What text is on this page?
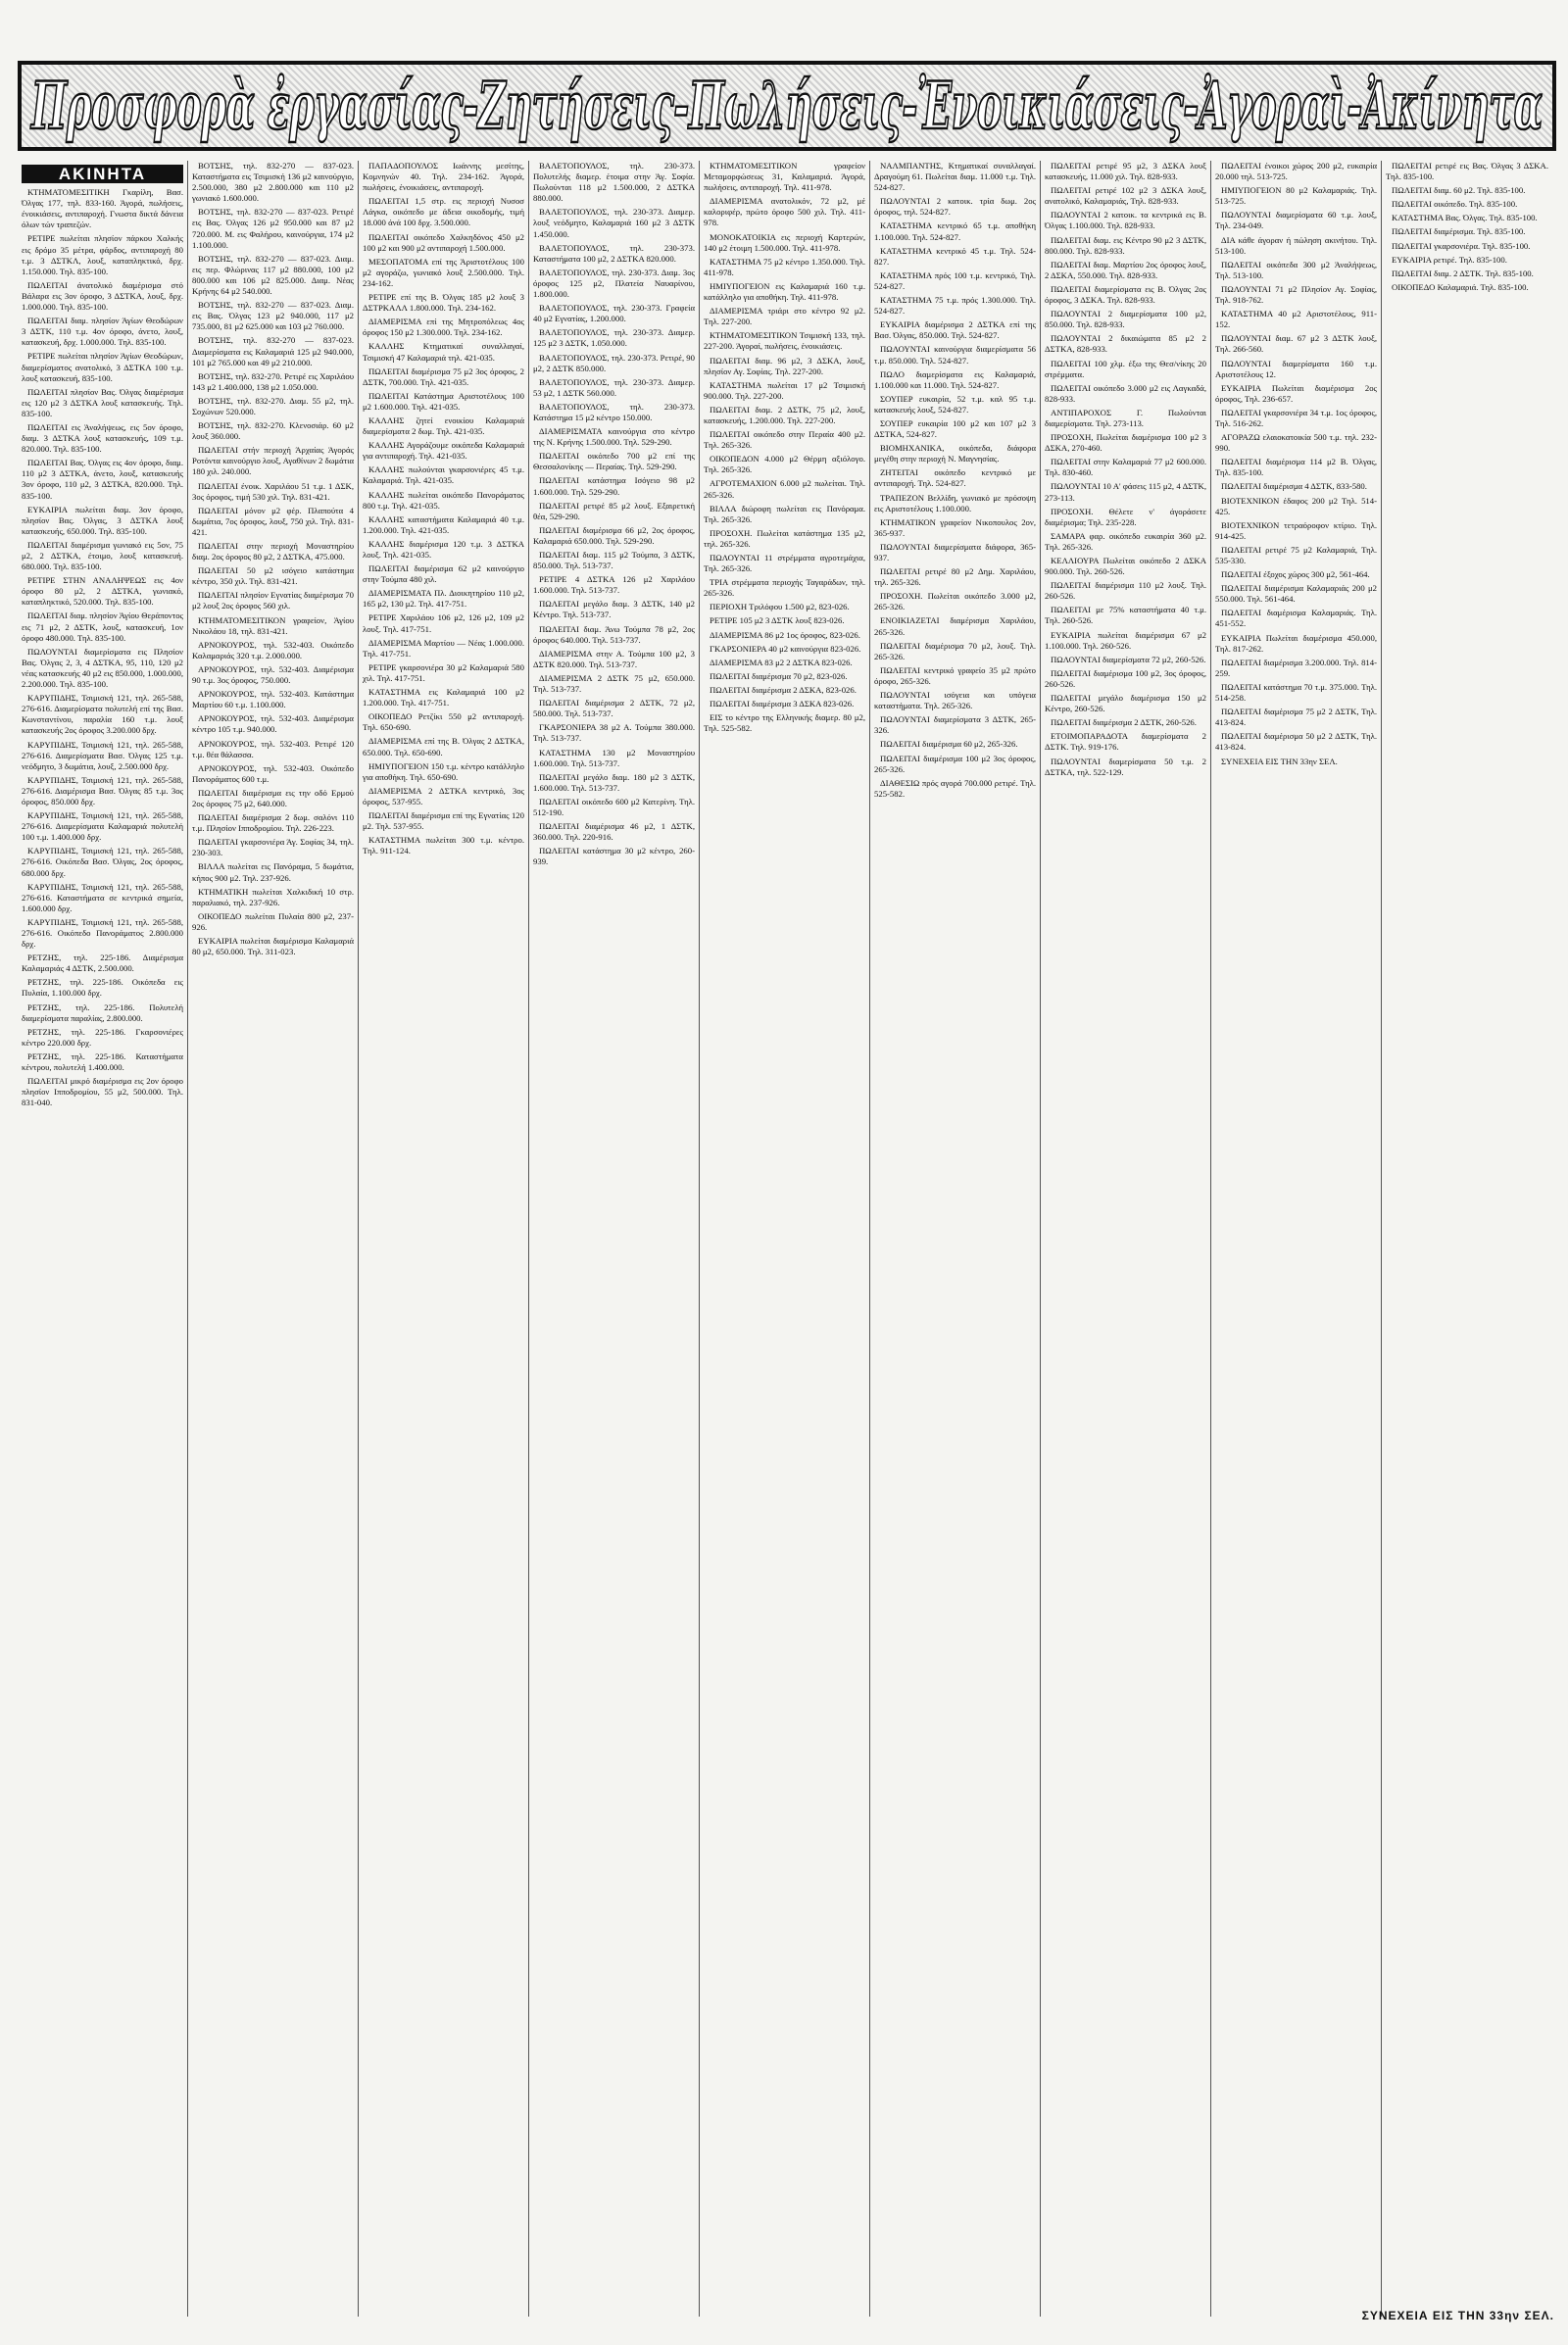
Προσφορὰ ἐργασίας-Ζητήσεις-Πωλήσεις-Ἐνοικιάσεις-Ἀγοραὶ-Ἀκίνητα
ΑΚΙΝΗΤΑ

ΚΤΗΜΑΤΟΜΕΣΙΤΙΚΗ Γκαρίλη, Βασ. Όλγας 177, τηλ. 833-160. Άγορά, πωλήσεις, ένοικιάσεις, αντιπαροχή. Γνωστα δικτά δάνεια όλων τών τραπεζών.

ΡΕΤΙΡΕ πωλείται πλησίον πάρκου Χαλκής εις δρόμο 35 μέτρα, φάρδος, αντιπαροχή 80 τ.μ. 3 ΔΣΤΚΛ, λουξ, καταπληκτικό, δρχ. 1.150.000. Τηλ. 835-100.

ΠΩΛΕΙΤΑΙ άνατολικό διαμέρισμα στό Βάλαρα εις 3ον όροφο, 3 ΔΣΤΚΑ, λουξ, δρχ. 1.000.000. Τηλ. 835-100.

ΠΩΛΕΙΤΑΙ διαμ. πλησίον Άγίων Θεοδώρων 3 ΔΣΤΚ, 110 τ.μ. 4ον όροφο, άνετο, λουξ, κατασκευή, δρχ. 1.000.000. Τηλ. 835-100.

ΡΕΤΙΡΕ πωλείται πλησίον Άγίων Θεοδώρων, διαμερίσματος ανατολικό, 3 ΔΣΤΚΑ 100 τ.μ. λουξ κατασκευή, 835-100.

ΠΩΛΕΙΤΑΙ πλησίον Βας. Όλγας διαμέρισμα εις 120 μ2 3 ΔΣΤΚΑ λουξ κατασκευής. Τηλ. 835-100.

ΠΩΛΕΙΤΑΙ εις Άναλήψεως, εις 5ον όροφο, διαμ. 3 ΔΣΤΚΑ λουξ κατασκευής, 109 τ.μ. 820.000. Τηλ. 835-100.

ΠΩΛΕΙΤΑΙ Βας. Όλγας εις 4ον όροφο, διαμ. 110 μ2 3 ΔΣΤΚΑ, άνετο, λουξ, κατασκευής 3ον όροφο, 110 μ2, 3 ΔΣΤΚΑ, 820.000. Τηλ. 835-100.

ΕΥΚΑΙΡΙΑ πωλείται διαμ. 3ον όροφο, πλησίον Βας. Όλγας, 3 ΔΣΤΚΑ λουξ κατασκευής, 650.000. Τηλ. 835-100.

ΠΩΛΕΙΤΑΙ διαμέρισμα γωνιακό εις 5ον, 75 μ2, 2 ΔΣΤΚΑ, έτοιμο, λουξ κατασκευή. 680.000. Τηλ. 835-100.

ΡΕΤΙΡΕ ΣΤΗΝ ΑΝΑΛΗΨΕΩΣ εις 4ον όροφο 80 μ2, 2 ΔΣΤΚΑ, γωνιακό, καταπληκτικό, 520.000. Τηλ. 835-100.

ΠΩΛΕΙΤΑΙ διαμ. πλησίον Άγίου Θεράποντος εις 71 μ2, 2 ΔΣΤΚ, λουξ, κατασκευή, 1ον όροφο 480.000. Τηλ. 835-100.

ΠΩΛΟΥΝΤΑΙ διαμερίσματα εις Πλησίον Βας. Όλγας 2, 3, 4 ΔΣΤΚΑ, 95, 110, 120 μ2 νέας κατασκευής 40 μ2 εις 850.000, 1.000.000, 2.200.000. Τηλ. 835-100.

ΚΑΡΥΠΙΔΗΣ, Τσιμισκή 121, τηλ. 265-588, 276-616. Διαμερίσματα πολυτελή επί της Βασ. Κωνσταντίνου, παραλία 160 τ.μ. λουξ κατασκευής 2ος όροφος 3.200.000 δρχ.

ΚΑΡΥΠΙΔΗΣ, Τσιμισκή 121, τηλ. 265-588, 276-616. Διαμερίσματα Βασ. Όλγας 125 τ.μ. νεόδμητο, 3 δωμάτια, λουξ, 2.500.000 δρχ.

ΚΑΡΥΠΙΔΗΣ, Τσιμισκή 121, τηλ. 265-588, 276-616. Διαμέρισμα Βασ. Όλγας 85 τ.μ. 3ος όροφος, 850.000 δρχ.

ΚΑΡΥΠΙΔΗΣ, Τσιμισκή 121, τηλ. 265-588, 276-616. Διαμερίσματα Καλαμαριά πολυτελή 100 τ.μ. 1.400.000 δρχ.

ΚΑΡΥΠΙΔΗΣ, Τσιμισκή 121, τηλ. 265-588, 276-616. Οικόπεδα Βασ. Όλγας, 2ος όροφος, 680.000 δρχ.

ΚΑΡΥΠΙΔΗΣ, Τσιμισκή 121, τηλ. 265-588, 276-616. Καταστήματα σε κεντρικά σημεία, 1.600.000 δρχ.

ΚΑΡΥΠΙΔΗΣ, Τσιμισκή 121, τηλ. 265-588, 276-616. Οικόπεδο Πανοράματος 2.800.000 δρχ.

ΡΕΤΖΗΣ, τηλ. 225-186. Διαμέρισμα Καλαμαριάς 4 ΔΣΤΚ, 2.500.000.

ΡΕΤΖΗΣ, τηλ. 225-186. Οικόπεδα εις Πυλαία, 1.100.000 δρχ.

ΡΕΤΖΗΣ, τηλ. 225-186. Πολυτελή διαμερίσματα παραλίας, 2.800.000.

ΡΕΤΖΗΣ, τηλ. 225-186. Γκαρσονιέρες κέντρο 220.000 δρχ.

ΡΕΤΖΗΣ, τηλ. 225-186. Καταστήματα κέντρου, πολυτελή 1.400.000.

ΠΩΛΕΙΤΑΙ μικρό διαμέρισμα εις 2ον όροφο πλησίον Ιπποδρομίου, 55 μ2, 500.000. Τηλ. 831-040.

ΒΟΤΣΗΣ, τηλ. 832-270 — 837-023. Καταστήματα εις Τσιμισκή 136 μ2 καινούργιο, 2.500.000, 380 μ2 2.800.000 και 110 μ2 γωνιακό 1.600.000.

ΒΟΤΣΗΣ, τηλ. 832-270 — 837-023. Ρετιρέ εις Βας. Όλγας 126 μ2 950.000 και 87 μ2 720.000. Μ. εις Φαλήρου, καινούργια, 174 μ2 1.100.000.

ΒΟΤΣΗΣ, τηλ. 832-270 — 837-023. Διαμ. εις περ. Φλώρινας 117 μ2 880.000, 100 μ2 800.000 και 106 μ2 825.000. Διαμ. Νέας Κρήνης 64 μ2 540.000.

ΒΟΤΣΗΣ, τηλ. 832-270 — 837-023. Διαμ. εις Βας. Όλγας 123 μ2 940.000, 117 μ2 735.000, 81 μ2 625.000 και 103 μ2 760.000.

ΒΟΤΣΗΣ, τηλ. 832-270 — 837-023. Διαμερίσματα εις Καλαμαριά 125 μ2 940.000, 101 μ2 765.000 και 49 μ2 210.000.

ΒΟΤΣΗΣ, τηλ. 832-270. Ρετιρέ εις Χαριλάου 143 μ2 1.400.000, 138 μ2 1.050.000.

ΒΟΤΣΗΣ, τηλ. 832-270. Διαμ. 55 μ2, τηλ. Σοχώνων 520.000.

ΒΟΤΣΗΣ, τηλ. 832-270. Κλενοσιάρ. 60 μ2 λουξ 360.000.

ΠΩΛΕΙΤΑΙ στήν περιοχή Άρχαίας Άγοράς Ροτόντα καινούργιο λουξ, Αγαθίνων 2 δωμάτια 180 χιλ. 240.000.

ΠΩΛΕΙΤΑΙ ένοικ. Χαριλάου 51 τ.μ. 1 ΔΣΚ, 3ος όροφος, τιμή 530 χιλ. Τηλ. 831-421.

ΠΩΛΕΙΤΑΙ μόνον μ2 φέρ. Πλαπούτα 4 δωμάτια, 7ος όροφος, λουξ, 750 χιλ. Τηλ. 831-421.

ΠΩΛΕΙΤΑΙ στην περιοχή Μοναστηρίου διαμ. 2ος όροφος 80 μ2, 2 ΔΣΤΚΑ, 475.000.

ΠΩΛΕΙΤΑΙ 50 μ2 ισόγειο κατάστημα κέντρο, 350 χιλ. Τηλ. 831-421.

ΠΩΛΕΙΤΑΙ πλησίον Εγνατίας διαμέρισμα 70 μ2 λουξ 2ος όροφος 560 χιλ.

ΚΤΗΜΑΤΟΜΕΣΙΤΙΚΟΝ γραφείον, Άγίου Νικολάου 18, τηλ. 831-421.

ΑΡΝΟΚΟΥΡΟΣ, τηλ. 532-403. Οικόπεδο Καλαμαριάς 320 τ.μ. 2.000.000.

ΑΡΝΟΚΟΥΡΟΣ, τηλ. 532-403. Διαμέρισμα 90 τ.μ. 3ος όροφος, 750.000.

ΑΡΝΟΚΟΥΡΟΣ, τηλ. 532-403. Κατάστημα Μαρτίου 60 τ.μ. 1.100.000.

ΑΡΝΟΚΟΥΡΟΣ, τηλ. 532-403. Διαμέρισμα κέντρο 105 τ.μ. 940.000.

ΑΡΝΟΚΟΥΡΟΣ, τηλ. 532-403. Ρετιρέ 120 τ.μ. θέα θάλασσα.

ΑΡΝΟΚΟΥΡΟΣ, τηλ. 532-403. Οικόπεδο Πανοράματος 600 τ.μ.

ΠΩΛΕΙΤΑΙ διαμέρισμα εις την οδό Ερμού 2ος όροφος 75 μ2, 640.000.

ΠΩΛΕΙΤΑΙ διαμέρισμα 2 δωμ. σαλόνι 110 τ.μ. Πλησίον Ιπποδρομίου. Τηλ. 226-223.

ΠΩΛΕΙΤΑΙ γκαρσονιέρα Άγ. Σοφίας 34, τηλ. 230-303.

ΒΙΛΛΑ πωλείται εις Πανόραμα, 5 δωμάτια, κήπος 900 μ2. Τηλ. 237-926.

ΚΤΗΜΑΤΙΚΗ πωλείται Χαλκιδική 10 στρ. παραλιακό, τηλ. 237-926.

ΟΙΚΟΠΕΔΟ πωλείται Πυλαία 800 μ2, 237-926.

ΕΥΚΑΙΡΙΑ πωλείται διαμέρισμα Καλαμαριά 80 μ2, 650.000. Τηλ. 311-023.

ΠΑΠΑΔΟΠΟΥΛΟΣ Ιωάννης μεσίτης, Κομνηνών 40. Τηλ. 234-162. Άγορά, πωλήσεις, ένοικιάσεις, αντιπαροχή.

ΠΩΛΕΙΤΑΙ 1,5 στρ. εις περιοχή Νυσοσ Λάγκα, οικόπεδο με άδεια οικοδομής, τιμή 18.000 άνά 100 δρχ. 3.500.000.

ΠΩΛΕΙΤΑΙ οικόπεδο Χαλκηδόνος 450 μ2 100 μ2 και 900 μ2 αντιπαροχή 1.500.000.

ΜΕΣΟΠΑΤΟΜΑ επί της Άριστοτέλους 100 μ2 αγοράζω, γωνιακό λουξ 2.500.000. Τηλ. 234-162.

ΡΕΤΙΡΕ επί της Β. Όλγας 185 μ2 λουξ 3 ΔΣΤΡΚΑΛΛ 1.800.000. Τηλ. 234-162.

ΔΙΑΜΕΡΙΣΜΑ επί της Μητροπόλεως 4ος όροφος 150 μ2 1.300.000. Τηλ. 234-162.

ΚΑΛΛΗΣ Κτηματικαί συναλλαγαί, Τσιμισκή 47 Καλαμαριά τηλ. 421-035.

ΠΩΛΕΙΤΑΙ διαμέρισμα 75 μ2 3ος όροφος, 2 ΔΣΤΚ, 700.000. Τηλ. 421-035.

ΠΩΛΕΙΤΑΙ Κατάστημα Αριστοτέλους 100 μ2 1.600.000. Τηλ. 421-035.

ΚΑΛΛΗΣ ζητεί ενοικίου Καλαμαριά διαμερίσματα 2 δωμ. Τηλ. 421-035.

ΚΑΛΛΗΣ Αγοράζουμε οικόπεδα Καλαμαριά για αντιπαροχή. Τηλ. 421-035.

ΚΑΛΛΗΣ πωλούνται γκαρσονιέρες 45 τ.μ. Καλαμαριά. Τηλ. 421-035.

ΚΑΛΛΗΣ πωλείται οικόπεδο Πανοράματος 800 τ.μ. Τηλ. 421-035.

ΚΑΛΛΗΣ καταστήματα Καλαμαριά 40 τ.μ. 1.200.000. Τηλ. 421-035.

ΚΑΛΛΗΣ διαμέρισμα 120 τ.μ. 3 ΔΣΤΚΑ λουξ. Τηλ. 421-035.

ΠΩΛΕΙΤΑΙ διαμέρισμα 62 μ2 καινούργιο στην Τούμπα 480 χιλ.

ΔΙΑΜΕΡΙΣΜΑΤΑ Πλ. Διοικητηρίου 110 μ2, 165 μ2, 130 μ2. Τηλ. 417-751.

ΡΕΤΙΡΕ Χαριλάου 106 μ2, 126 μ2, 109 μ2 λουξ. Τηλ. 417-751.

ΔΙΑΜΕΡΙΣΜΑ Μαρτίου — Νέας 1.000.000. Τηλ. 417-751.

ΡΕΤΙΡΕ γκαρσονιέρα 30 μ2 Καλαμαριά 580 χιλ. Τηλ. 417-751.

ΚΑΤΑΣΤΗΜΑ εις Καλαμαριά 100 μ2 1.200.000. Τηλ. 417-751.

ΟΙΚΟΠΕΔΟ Ρετζίκι 550 μ2 αντιπαροχή. Τηλ. 650-690.

ΔΙΑΜΕΡΙΣΜΑ επί της Β. Όλγας 2 ΔΣΤΚΑ, 650.000. Τηλ. 650-690.

ΗΜΙΥΠΟΓΕΙΟΝ 150 τ.μ. κέντρο κατάλληλο για αποθήκη. Τηλ. 650-690.

ΔΙΑΜΕΡΙΣΜΑ 2 ΔΣΤΚΑ κεντρικό, 3ος όροφος, 537-955.

ΠΩΛΕΙΤΑΙ διαμέρισμα επί της Εγνατίας 120 μ2. Τηλ. 537-955.

ΚΑΤΑΣΤΗΜΑ πωλείται 300 τ.μ. κέντρο. Τηλ. 911-124.

ΒΑΛΕΤΟΠΟΥΛΟΣ, τηλ. 230-373. Πολυτελής διαμερ. έτοιμα στην Άγ. Σοφία. Πωλούνται 118 μ2 1.500.000, 2 ΔΣΤΚΑ 880.000.

ΒΑΛΕΤΟΠΟΥΛΟΣ, τηλ. 230-373. Διαμερ. λουξ νεόδμητο, Καλαμαριά 160 μ2 3 ΔΣΤΚ 1.450.000.

ΒΑΛΕΤΟΠΟΥΛΟΣ, τηλ. 230-373. Καταστήματα 100 μ2, 2 ΔΣΤΚΑ 820.000.

ΒΑΛΕΤΟΠΟΥΛΟΣ, τηλ. 230-373. Διαμ. 3ος όροφος 125 μ2, Πλατεία Ναυαρίνου, 1.800.000.

ΒΑΛΕΤΟΠΟΥΛΟΣ, τηλ. 230-373. Γραφεία 40 μ2 Εγνατίας, 1.200.000.

ΒΑΛΕΤΟΠΟΥΛΟΣ, τηλ. 230-373. Διαμερ. 125 μ2 3 ΔΣΤΚ, 1.050.000.

ΒΑΛΕΤΟΠΟΥΛΟΣ, τηλ. 230-373. Ρετιρέ, 90 μ2, 2 ΔΣΤΚ 850.000.

ΒΑΛΕΤΟΠΟΥΛΟΣ, τηλ. 230-373. Διαμερ. 53 μ2, 1 ΔΣΤΚ 560.000.

ΒΑΛΕΤΟΠΟΥΛΟΣ, τηλ. 230-373. Κατάστημα 15 μ2 κέντρο 150.000.

ΔΙΑΜΕΡΙΣΜΑΤΑ καινούργια στο κέντρο της Ν. Κρήνης 1.500.000. Τηλ. 529-290.

ΠΩΛΕΙΤΑΙ οικόπεδο 700 μ2 επί της Θεσσαλονίκης — Περαίας. Τηλ. 529-290.

ΠΩΛΕΙΤΑΙ κατάστημα Ισόγειο 98 μ2 1.600.000. Τηλ. 529-290.

ΠΩΛΕΙΤΑΙ ρετιρέ 85 μ2 λουξ. Εξαιρετική θέα, 529-290.

ΠΩΛΕΙΤΑΙ διαμέρισμα 66 μ2, 2ος όροφος, Καλαμαριά 650.000. Τηλ. 529-290.

ΠΩΛΕΙΤΑΙ διαμ. 115 μ2 Τούμπα, 3 ΔΣΤΚ, 850.000. Τηλ. 513-737.

ΡΕΤΙΡΕ 4 ΔΣΤΚΑ 126 μ2 Χαριλάου 1.600.000. Τηλ. 513-737.

ΠΩΛΕΙΤΑΙ μεγάλο διαμ. 3 ΔΣΤΚ, 140 μ2 Κέντρο. Τηλ. 513-737.

ΠΩΛΕΙΤΑΙ διαμ. Άνω Τούμπα 78 μ2, 2ος όροφος 640.000. Τηλ. 513-737.

ΔΙΑΜΕΡΙΣΜΑ στην Α. Τούμπα 100 μ2, 3 ΔΣΤΚ 820.000. Τηλ. 513-737.

ΔΙΑΜΕΡΙΣΜΑ 2 ΔΣΤΚ 75 μ2, 650.000. Τηλ. 513-737.

ΠΩΛΕΙΤΑΙ διαμέρισμα 2 ΔΣΤΚ, 72 μ2, 580.000. Τηλ. 513-737.

ΓΚΑΡΣΟΝΙΕΡΑ 38 μ2 Α. Τούμπα 380.000. Τηλ. 513-737.

ΚΑΤΑΣΤΗΜΑ 130 μ2 Μοναστηρίου 1.600.000. Τηλ. 513-737.

ΠΩΛΕΙΤΑΙ μεγάλο διαμ. 180 μ2 3 ΔΣΤΚ, 1.600.000. Τηλ. 513-737.

ΠΩΛΕΙΤΑΙ οικόπεδο 600 μ2 Κατερίνη. Τηλ. 512-190.

ΠΩΛΕΙΤΑΙ διαμέρισμα 46 μ2, 1 ΔΣΤΚ, 360.000. Τηλ. 220-916.

ΠΩΛΕΙΤΑΙ κατάστημα 30 μ2 κέντρο, 260-939.

ΚΤΗΜΑΤΟΜΕΣΙΤΙΚΟΝ γραφείον Μεταμορφώσεως 31, Καλαμαριά. Άγορά, πωλήσεις, αντιπαροχή. Τηλ. 411-978.

ΔΙΑΜΕΡΙΣΜΑ ανατολικόν, 72 μ2, μέ καλοριφέρ, πρώτο όροφο 500 χιλ. Τηλ. 411-978.

ΜΟΝΟΚΑΤΟΙΚΙΑ εις περιοχή Καρτερών, 140 μ2 έτοιμη 1.500.000. Τηλ. 411-978.

ΚΑΤΑΣΤΗΜΑ 75 μ2 κέντρο 1.350.000. Τηλ. 411-978.

ΗΜΙΥΠΟΓΕΙΟΝ εις Καλαμαριά 160 τ.μ. κατάλληλο για αποθήκη. Τηλ. 411-978.

ΔΙΑΜΕΡΙΣΜΑ τριάρι στο κέντρο 92 μ2. Τηλ. 227-200.

ΚΤΗΜΑΤΟΜΕΣΙΤΙΚΟΝ Τσιμισκή 133, τηλ. 227-200. Άγοραί, πωλήσεις, ένοικιάσεις.

ΠΩΛΕΙΤΑΙ διαμ. 96 μ2, 3 ΔΣΚΑ, λουξ, πλησίον Αγ. Σοφίας. Τηλ. 227-200.

ΚΑΤΑΣΤΗΜΑ πωλείται 17 μ2 Τσιμισκή 900.000. Τηλ. 227-200.

ΠΩΛΕΙΤΑΙ διαμ. 2 ΔΣΤΚ, 75 μ2, λουξ, κατασκευής, 1.200.000. Τηλ. 227-200.

ΠΩΛΕΙΤΑΙ οικόπεδο στην Περαία 400 μ2. Τηλ. 265-326.

ΟΙΚΟΠΕΔΟΝ 4.000 μ2 Θέρμη αξιόλογο. Τηλ. 265-326.

ΑΓΡΟΤΕΜΑΧΙΟΝ 6.000 μ2 πωλείται. Τηλ. 265-326.

ΒΙΛΛΑ διώροφη πωλείται εις Πανόραμα. Τηλ. 265-326.

ΠΡΟΣΟΧΗ. Πωλείται κατάστημα 135 μ2, τηλ. 265-326.

ΠΩΛΟΥΝΤΑΙ 11 στρέμματα αγροτεμάχια, Τηλ. 265-326.

ΤΡΙΑ στρέμματα περιοχής Ταγαράδων, τηλ. 265-326.

ΠΕΡΙΟΧΗ Τριλόφου 1.500 μ2, 823-026.

ΡΕΤΙΡΕ 105 μ2 3 ΔΣΤΚ λουξ 823-026.

ΔΙΑΜΕΡΙΣΜΑ 86 μ2 1ος όροφος, 823-026.

ΓΚΑΡΣΟΝΙΕΡΑ 40 μ2 καινούργια 823-026.

ΔΙΑΜΕΡΙΣΜΑ 83 μ2 2 ΔΣΤΚΑ 823-026.

ΠΩΛΕΙΤΑΙ διαμέρισμα 70 μ2, 823-026.

ΠΩΛΕΙΤΑΙ διαμέρισμα 2 ΔΣΚΑ, 823-026.

ΠΩΛΕΙΤΑΙ διαμέρισμα 3 ΔΣΚΑ 823-026.

ΕΙΣ το κέντρο της Ελληνικής διαμερ. 80 μ2, Τηλ. 525-582.

ΝΑΛΜΠΑΝΤΗΣ, Κτηματικαί συναλλαγαί. Δραγούμη 61. Πωλείται διαμ. 11.000 τ.μ. Τηλ. 524-827.

ΠΩΛΟΥΝΤΑΙ 2 κατοικ. τρία δωμ. 2ος όροφος, τηλ. 524-827.

ΚΑΤΑΣΤΗΜΑ κεντρικό 65 τ.μ. αποθήκη 1.100.000. Τηλ. 524-827.

ΚΑΤΑΣΤΗΜΑ κεντρικό 45 τ.μ. Τηλ. 524-827.

ΚΑΤΑΣΤΗΜΑ πρός 100 τ.μ. κεντρικό, Τηλ. 524-827.

ΚΑΤΑΣΤΗΜΑ 75 τ.μ. πρός 1.300.000. Τηλ. 524-827.

ΕΥΚΑΙΡΙΑ διαμέρισμα 2 ΔΣΤΚΑ επί της Βασ. Όλγας, 850.000. Τηλ. 524-827.

ΠΩΛΟΥΝΤΑΙ καινούργια διαμερίσματα 56 τ.μ. 850.000. Τηλ. 524-827.

ΠΩΛΟ διαμερίσματα εις Καλαμαριά, 1.100.000 και 11.000. Τηλ. 524-827.

ΣΟΥΠΕΡ ευκαιρία, 52 τ.μ. καλ 95 τ.μ. κατασκευής λουξ, 524-827.

ΣΟΥΠΕΡ ευκαιρία 100 μ2 και 107 μ2 3 ΔΣΤΚΑ, 524-827.

ΒΙΟΜΗΧΑΝΙΚΑ, οικόπεδα, διάφορα μεγέθη στην περιοχή Ν. Μαγνησίας.

ΖΗΤΕΙΤΑΙ οικόπεδο κεντρικό με αντιπαροχή. Τηλ. 524-827.

ΤΡΑΠΕΖΟΝ Βελλίδη, γωνιακό με πρόσοψη εις Αριστοτέλους 1.100.000.

ΚΤΗΜΑΤΙΚΟΝ γραφείον Νικοπουλος 2ον, 365-937.

ΠΩΛΟΥΝΤΑΙ διαμερίσματα διάφορα, 365-937.

ΠΩΛΕΙΤΑΙ ρετιρέ 80 μ2 Δημ. Χαριλάου, τηλ. 265-326.

ΠΡΟΣΟΧΗ. Πωλείται οικόπεδο 3.000 μ2, 265-326.

ΕΝΟΙΚΙΑΖΕΤΑΙ διαμέρισμα Χαριλάου, 265-326.

ΠΩΛΕΙΤΑΙ διαμέρισμα 70 μ2, λουξ. Τηλ. 265-326.

ΠΩΛΕΙΤΑΙ κεντρικό γραφείο 35 μ2 πρώτο όροφο, 265-326.

ΠΩΛΟΥΝΤΑΙ ισόγεια και υπόγεια καταστήματα. Τηλ. 265-326.

ΠΩΛΟΥΝΤΑΙ διαμερίσματα 3 ΔΣΤΚ, 265-326.

ΠΩΛΕΙΤΑΙ διαμέρισμα 60 μ2, 265-326.

ΠΩΛΕΙΤΑΙ διαμέρισμα 100 μ2 3ος όροφος, 265-326.

ΔΙΑΘΕΣΙΩ πρός αγορά 700.000 ρετιρέ. Τηλ. 525-582.

ΠΩΛΕΙΤΑΙ ρετιρέ 95 μ2, 3 ΔΣΚΑ λουξ κατασκευής, 11.000 χιλ. Τηλ. 828-933.

ΠΩΛΕΙΤΑΙ ρετιρέ 102 μ2 3 ΔΣΚΑ λουξ, ανατολικό, Καλαμαριάς, Τηλ. 828-933.

ΠΩΛΟΥΝΤΑΙ 2 κατοικ. τα κεντρικά εις Β. Όλγας 1.100.000. Τηλ. 828-933.

ΠΩΛΕΙΤΑΙ διαμ. εις Κέντρο 90 μ2 3 ΔΣΤΚ, 800.000. Τηλ. 828-933.

ΠΩΛΕΙΤΑΙ διαμ. Μαρτίου 2ος όροφος λουξ, 2 ΔΣΚΑ, 550.000. Τηλ. 828-933.

ΠΩΛΕΙΤΑΙ διαμερίσματα εις Β. Όλγας 2ος όροφος, 3 ΔΣΚΑ. Τηλ. 828-933.

ΠΩΛΟΥΝΤΑΙ 2 διαμερίσματα 100 μ2, 850.000. Τηλ. 828-933.

ΠΩΛΟΥΝΤΑΙ 2 δικαιώματα 85 μ2 2 ΔΣΤΚΑ, 828-933.

ΠΩΛΕΙΤΑΙ 100 χλμ. έξω της Θεσ/νίκης 20 στρέμματα.

ΠΩΛΕΙΤΑΙ οικόπεδο 3.000 μ2 εις Λαγκαδά, 828-933.

ΑΝΤΙΠΑΡΟΧΟΣ Γ. Πωλούνται διαμερίσματα. Τηλ. 273-113.

ΠΡΟΣΟΧΗ, Πωλείται διαμέρισμα 100 μ2 3 ΔΣΚΑ, 270-460.

ΠΩΛΕΙΤΑΙ στην Καλαμαριά 77 μ2 600.000. Τηλ. 830-460.

ΠΩΛΟΥΝΤΑΙ 10 Α' φάσεις 115 μ2, 4 ΔΣΤΚ, 273-113.

ΠΡΟΣΟΧΗ. Θέλετε ν' άγοράσετε διαμέρισμα; Τηλ. 235-228.

ΣΑΜΑΡΑ φαρ. οικόπεδο ευκαιρία 360 μ2. Τηλ. 265-326.

ΚΕΛΛΙΟΥΡΑ Πωλείται οικόπεδο 2 ΔΣΚΑ 900.000. Τηλ. 260-526.

ΠΩΛΕΙΤΑΙ διαμέρισμα 110 μ2 λουξ. Τηλ. 260-526.

ΠΩΛΕΙΤΑΙ με 75% καταστήματα 40 τ.μ. Τηλ. 260-526.

ΕΥΚΑΙΡΙΑ πωλείται διαμέρισμα 67 μ2 1.100.000. Τηλ. 260-526.

ΠΩΛΟΥΝΤΑΙ διαμερίσματα 72 μ2, 260-526.

ΠΩΛΕΙΤΑΙ διαμέρισμα 100 μ2, 3ος όροφος, 260-526.

ΠΩΛΕΙΤΑΙ μεγάλο διαμέρισμα 150 μ2 Κέντρο, 260-526.

ΠΩΛΕΙΤΑΙ διαμέρισμα 2 ΔΣΤΚ, 260-526.

ΕΤΟΙΜΟΠΑΡΑΔΟΤΑ διαμερίσματα 2 ΔΣΤΚ. Τηλ. 919-176.

ΠΩΛΟΥΝΤΑΙ διαμερίσματα 50 τ.μ. 2 ΔΣΤΚΑ, τηλ. 522-129.

ΠΩΛΕΙΤΑΙ ένοικοι χώρος 200 μ2, ευκαιρία 20.000 τηλ. 513-725.

ΗΜΙΥΠΟΓΕΙΟΝ 80 μ2 Καλαμαριάς. Τηλ. 513-725.

ΠΩΛΟΥΝΤΑΙ διαμερίσματα 60 τ.μ. λουξ, Τηλ. 234-049.

ΔΙΑ κάθε άγοραν ή πώληση ακινήτου. Τηλ. 513-100.

ΠΩΛΕΙΤΑΙ οικόπεδα 300 μ2 Άναλήψεως, Τηλ. 513-100.

ΠΩΛΟΥΝΤΑΙ 71 μ2 Πλησίον Αγ. Σοφίας, Τηλ. 918-762.

ΚΑΤΑΣΤΗΜΑ 40 μ2 Αριστοτέλους, 911-152.

ΠΩΛΟΥΝΤΑΙ διαμ. 67 μ2 3 ΔΣΤΚ λουξ, Τηλ. 266-560.

ΠΩΛΟΥΝΤΑΙ διαμερίσματα 160 τ.μ. Αριστοτέλους 12.

ΕΥΚΑΙΡΙΑ Πωλείται διαμέρισμα 2ος όροφος, Τηλ. 236-657.

ΠΩΛΕΙΤΑΙ γκαρσονιέρα 34 τ.μ. 1ος όροφος, Τηλ. 516-262.

ΑΓΟΡΑΖΩ ελαιοκατοικία 500 τ.μ. τηλ. 232-990.

ΠΩΛΕΙΤΑΙ διαμέρισμα 114 μ2 Β. Όλγας, Τηλ. 835-100.

ΠΩΛΕΙΤΑΙ διαμέρισμα 4 ΔΣΤΚ, 833-580.

ΒΙΟΤΕΧΝΙΚΟΝ έδαφος 200 μ2 Τηλ. 514-425.

ΒΙΟΤΕΧΝΙΚΟΝ τετραόροφον κτίριο. Τηλ. 914-425.

ΠΩΛΕΙΤΑΙ ρετιρέ 75 μ2 Καλαμαριά, Τηλ. 535-330.

ΠΩΛΕΙΤΑΙ έξοχος χώρος 300 μ2, 561-464.

ΠΩΛΕΙΤΑΙ διαμέρισμα Καλαμαριάς 200 μ2 550.000. Τηλ. 561-464.

ΠΩΛΕΙΤΑΙ διαμέρισμα Καλαμαριάς. Τηλ. 451-552.

ΕΥΚΑΙΡΙΑ Πωλείται διαμέρισμα 450.000, Τηλ. 817-262.

ΠΩΛΕΙΤΑΙ διαμέρισμα 3.200.000. Τηλ. 814-259.

ΠΩΛΕΙΤΑΙ κατάστημα 70 τ.μ. 375.000. Τηλ. 514-258.

ΠΩΛΕΙΤΑΙ διαμέρισμα 75 μ2 2 ΔΣΤΚ, Τηλ. 413-824.

ΠΩΛΕΙΤΑΙ διαμέρισμα 50 μ2 2 ΔΣΤΚ, Τηλ. 413-824.

ΣΥΝΕΧΕΙΑ ΕΙΣ ΤΗΝ 33ην ΣΕΛ.

ΠΩΛΕΙΤΑΙ ρετιρέ εις Βας. Όλγας 3 ΔΣΚΑ. Τηλ. 835-100.

ΠΩΛΕΙΤΑΙ διαμ. 60 μ2. Τηλ. 835-100.

ΠΩΛΕΙΤΑΙ οικόπεδο. Τηλ. 835-100.

ΚΑΤΑΣΤΗΜΑ Βας. Όλγας. Τηλ. 835-100.

ΠΩΛΕΙΤΑΙ διαμέρισμα. Τηλ. 835-100.

ΠΩΛΕΙΤΑΙ γκαρσονιέρα. Τηλ. 835-100.

ΕΥΚΑΙΡΙΑ ρετιρέ. Τηλ. 835-100.

ΠΩΛΕΙΤΑΙ διαμ. 2 ΔΣΤΚ. Τηλ. 835-100.

ΟΙΚΟΠΕΔΟ Καλαμαριά. Τηλ. 835-100.

ΣΥΝΕΧΕΙΑ ΕΙΣ ΤΗΝ 33ην ΣΕΛ.
